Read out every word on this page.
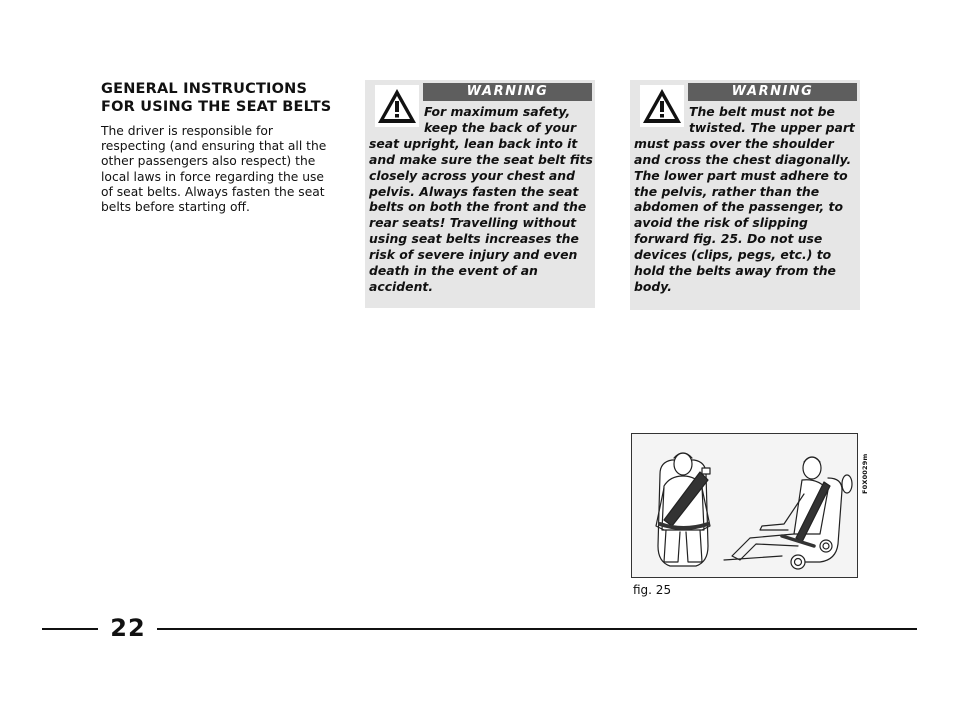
GENERAL INSTRUCTIONS
FOR USING THE SEAT BELTS
The driver is responsible for
respecting (and ensuring that all the
other passengers also respect) the
local laws in force regarding the use
of seat belts. Always fasten the seat
belts before starting off.
WARNING
For maximum safety,
keep the back of your
seat upright, lean back into it
and make sure the seat belt fits
closely across your chest and
pelvis. Always fasten the seat
belts on both the front and the
rear seats! Travelling without
using seat belts increases the
risk of severe injury and even
death in the event of an
accident.
WARNING
The belt must not be
twisted. The upper part
must pass over the shoulder
and cross the chest diagonally.
The lower part must adhere to
the pelvis, rather than the
abdomen of the passenger, to
avoid the risk of slipping
forward fig. 25. Do not use
devices (clips, pegs, etc.) to
hold the belts away from the
body.
F0X0029m
fig. 25
22
